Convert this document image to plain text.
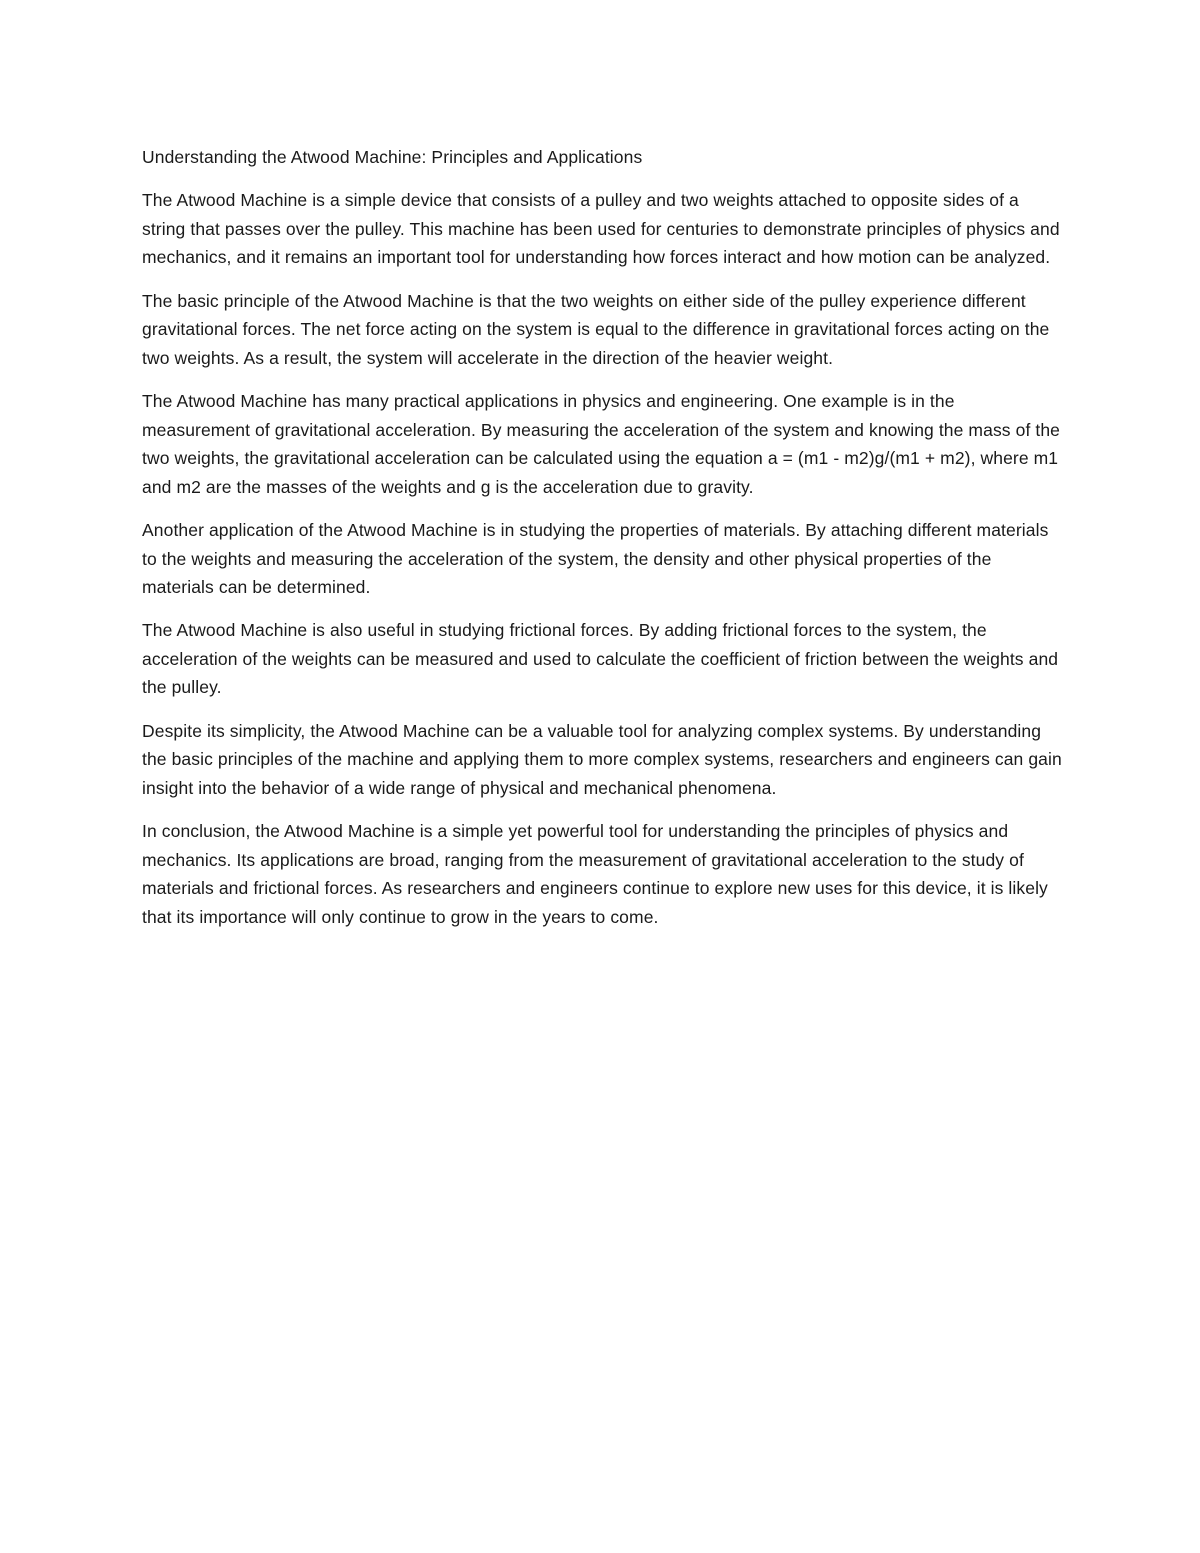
Understanding the Atwood Machine: Principles and Applications

The Atwood Machine is a simple device that consists of a pulley and two weights attached to opposite sides of a string that passes over the pulley. This machine has been used for centuries to demonstrate principles of physics and mechanics, and it remains an important tool for understanding how forces interact and how motion can be analyzed.

The basic principle of the Atwood Machine is that the two weights on either side of the pulley experience different gravitational forces. The net force acting on the system is equal to the difference in gravitational forces acting on the two weights. As a result, the system will accelerate in the direction of the heavier weight.

The Atwood Machine has many practical applications in physics and engineering. One example is in the measurement of gravitational acceleration. By measuring the acceleration of the system and knowing the mass of the two weights, the gravitational acceleration can be calculated using the equation a = (m1 - m2)g/(m1 + m2), where m1 and m2 are the masses of the weights and g is the acceleration due to gravity.

Another application of the Atwood Machine is in studying the properties of materials. By attaching different materials to the weights and measuring the acceleration of the system, the density and other physical properties of the materials can be determined.

The Atwood Machine is also useful in studying frictional forces. By adding frictional forces to the system, the acceleration of the weights can be measured and used to calculate the coefficient of friction between the weights and the pulley.

Despite its simplicity, the Atwood Machine can be a valuable tool for analyzing complex systems. By understanding the basic principles of the machine and applying them to more complex systems, researchers and engineers can gain insight into the behavior of a wide range of physical and mechanical phenomena.

In conclusion, the Atwood Machine is a simple yet powerful tool for understanding the principles of physics and mechanics. Its applications are broad, ranging from the measurement of gravitational acceleration to the study of materials and frictional forces. As researchers and engineers continue to explore new uses for this device, it is likely that its importance will only continue to grow in the years to come.
